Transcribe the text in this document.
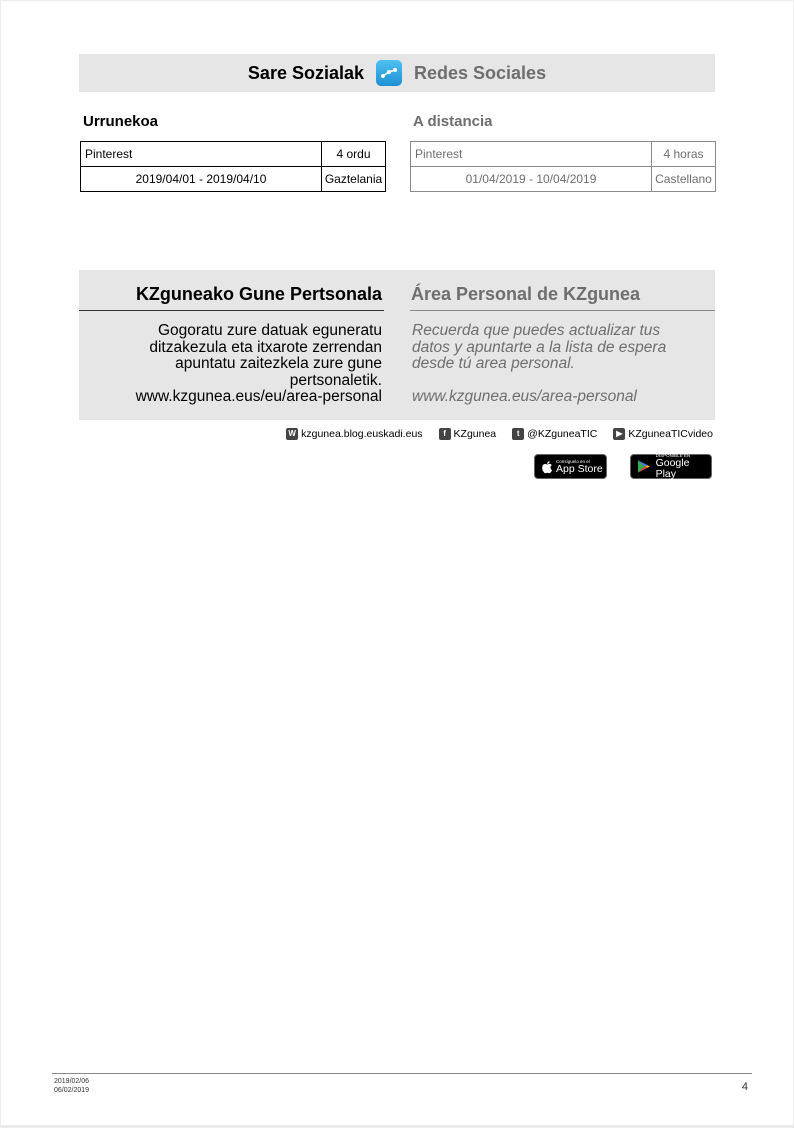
Sare Sozialak	Redes Sociales
Urrunekoa	A distancia
Pinterest	4 ordu
2019/04/01 - 2019/04/10	Gaztelania
Pinterest	4 horas
01/04/2019 - 10/04/2019	Castellano
KZguneako Gune Pertsonala Área Personal de KZgunea
Gogoratu zure datuak eguneratu
ditzakezula eta itxarote zerrendan
apuntatu zaitezkela zure gune
pertsonaletik.
www.kzgunea.eus/eu/area-personal
Recuerda que puedes actualizar tus
datos y apuntarte a la lista de espera
desde tú area personal.
www.kzgunea.eus/area-personal
W kzgunea.blog.euskadi.eus	f KZgunea	t @KZguneaTIC	▶ KZguneaTICvideo
Consíguelo en el
App Store
DISPONIBLE EN
Google Play
2019/02/06
06/02/2019	4
